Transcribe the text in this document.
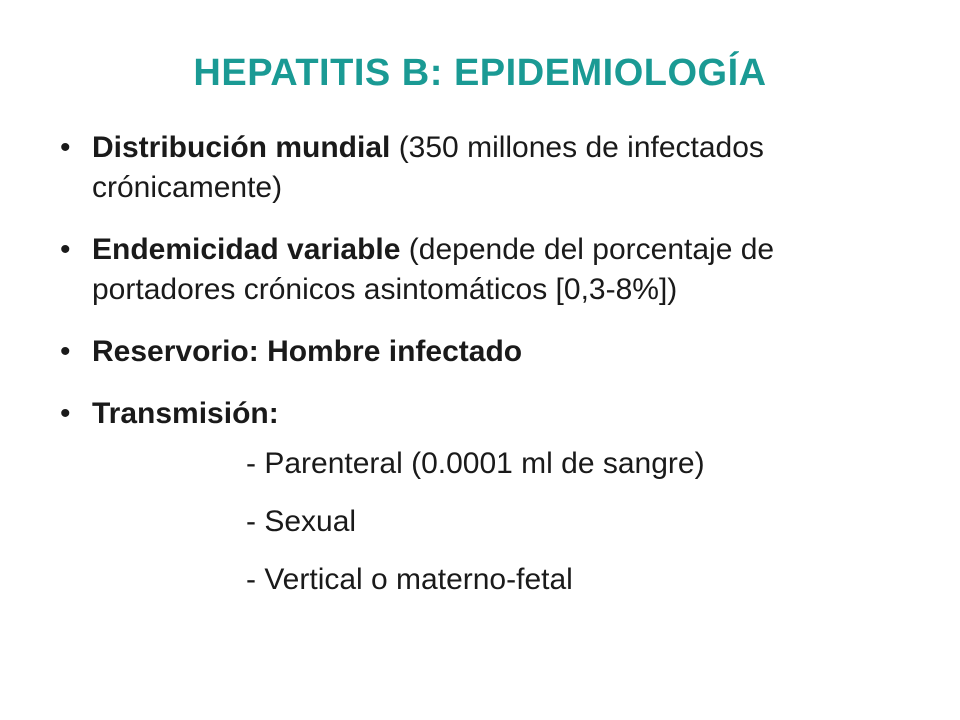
HEPATITIS B: EPIDEMIOLOGÍA
• Distribución mundial (350 millones de infectados crónicamente)
• Endemicidad variable (depende del porcentaje de portadores crónicos asintomáticos [0,3-8%])
• Reservorio: Hombre infectado
• Transmisión:
- Parenteral (0.0001 ml de sangre)
- Sexual
- Vertical o materno-fetal
